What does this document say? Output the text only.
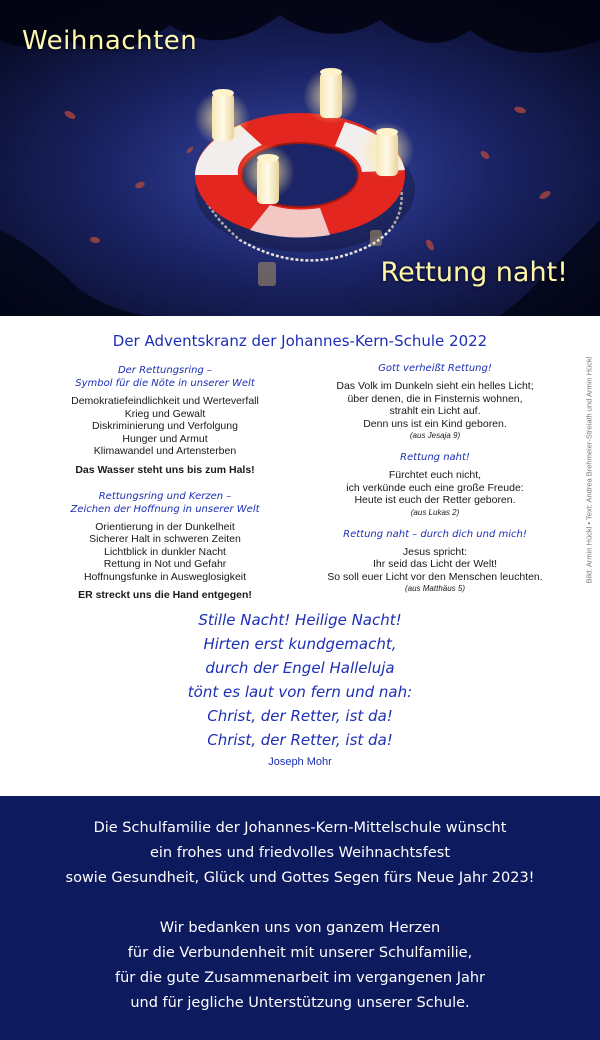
Weihnachten
Rettung naht!
Der Adventskranz der Johannes-Kern-Schule 2022
Der Rettungsring –
Symbol für die Nöte in unserer Welt
Demokratiefeindlichkeit und Werteverfall
Krieg und Gewalt
Diskriminierung und Verfolgung
Hunger und Armut
Klimawandel und Artensterben
Das Wasser steht uns bis zum Hals!
Rettungsring und Kerzen –
Zeichen der Hoffnung in unserer Welt
Orientierung in der Dunkelheit
Sicherer Halt in schweren Zeiten
Lichtblick in dunkler Nacht
Rettung in Not und Gefahr
Hoffnungsfunke in Ausweglosigkeit
ER streckt uns die Hand entgegen!
Gott verheißt Rettung!
Das Volk im Dunkeln sieht ein helles Licht;
über denen, die in Finsternis wohnen,
strahlt ein Licht auf.
Denn uns ist ein Kind geboren.
(aus Jesaja 9)
Rettung naht!
Fürchtet euch nicht,
ich verkünde euch eine große Freude:
Heute ist euch der Retter geboren.
(aus Lukas 2)
Rettung naht – durch dich und mich!
Jesus spricht:
Ihr seid das Licht der Welt!
So soll euer Licht vor den Menschen leuchten.
(aus Matthäus 5)
Stille Nacht! Heilige Nacht!
Hirten erst kundgemacht,
durch der Engel Halleluja
tönt es laut von fern und nah:
Christ, der Retter, ist da!
Christ, der Retter, ist da!
Joseph Mohr
Bild: Armin Hückl • Text: Andrea Brehmeier-Streiath und Armin Hückl
Die Schulfamilie der Johannes-Kern-Mittelschule wünscht
ein frohes und friedvolles Weihnachtsfest
sowie Gesundheit, Glück und Gottes Segen fürs Neue Jahr 2023!
Wir bedanken uns von ganzem Herzen
für die Verbundenheit mit unserer Schulfamilie,
für die gute Zusammenarbeit im vergangenen Jahr
und für jegliche Unterstützung unserer Schule.
